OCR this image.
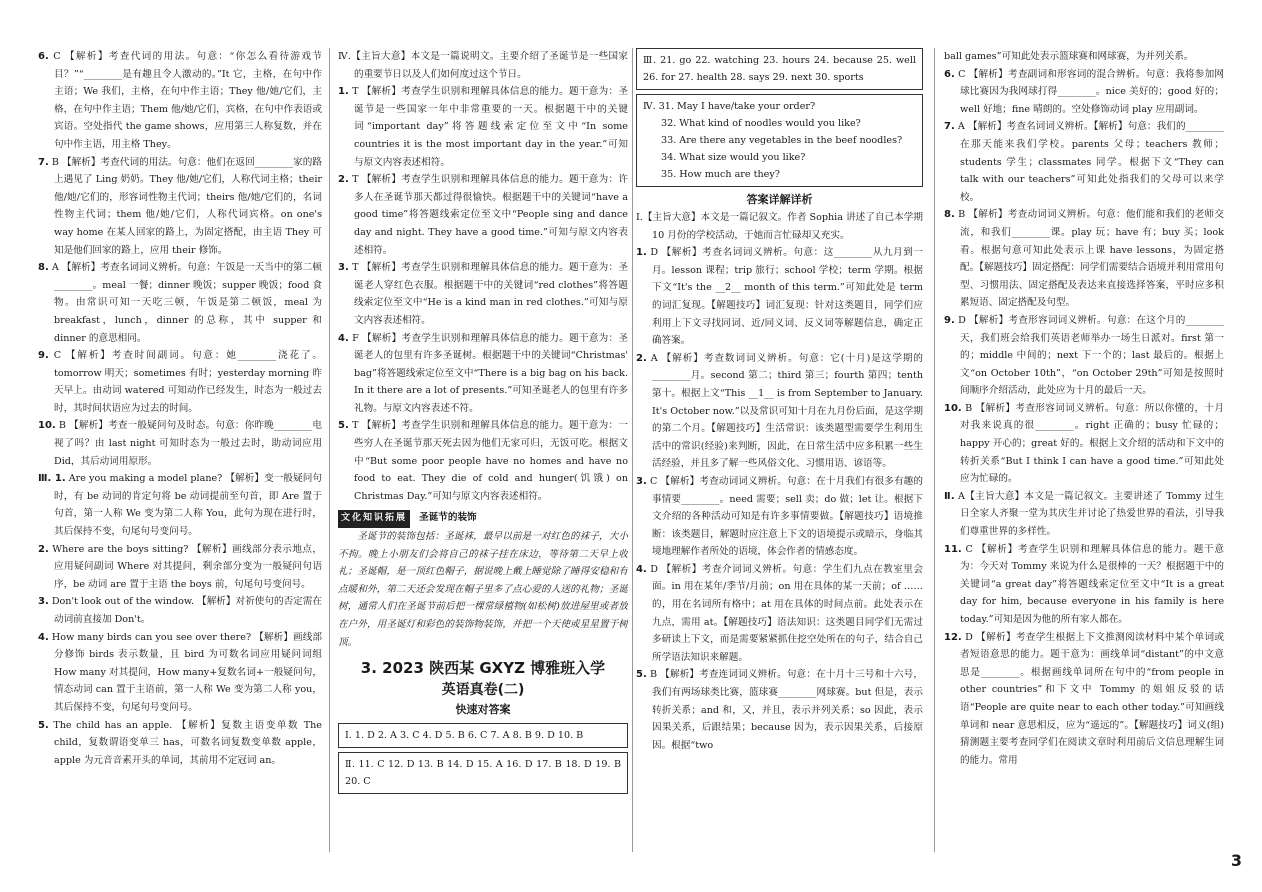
6. C 【解析】考查代词的用法。句意：“你怎么看待游戏节目？”“________是有趣且令人激动的。”It 它，主格，在句中作主语；We 我们，主格，在句中作主语；They 他/她/它们，主格，在句中作主语；Them 他/她/它们，宾格，在句中作表语或宾语。空处指代 the game shows，应用第三人称复数，并在句中作主语，用主格 They。

7. B 【解析】考查代词的用法。句意：他们在返回________家的路上遇见了 Ling 奶奶。They 他/她/它们，人称代词主格；their 他/她/它们的，形容词性物主代词；theirs 他/她/它们的，名词性物主代词；them 他/她/它们，人称代词宾格。on one's way home 在某人回家的路上，为固定搭配，由主语 They 可知是他们回家的路上，应用 their 修饰。

8. A 【解析】考查名词词义辨析。句意：午饭是一天当中的第二顿________。meal 一餐；dinner 晚饭；supper 晚饭；food 食物。由常识可知一天吃三顿，午饭是第二顿饭，meal 为 breakfast，lunch，dinner 的总称，其中 supper 和 dinner 的意思相同。

9. C 【解析】考查时间副词。句意：她________浇花了。tomorrow 明天；sometimes 有时；yesterday morning 昨天早上。由动词 watered 可知动作已经发生，时态为一般过去时，其时间状语应为过去的时间。

10. B 【解析】考查一般疑问句及时态。句意：你昨晚________电视了吗？由 last night 可知时态为一般过去时，助动词应用 Did，其后动词用原形。

Ⅲ. 1. Are you making a model plane? 【解析】变一般疑问句时，有 be 动词的肯定句将 be 动词提前至句首，即 Are 置于句首，第一人称 We 变为第二人称 You，此句为现在进行时，其后保持不变，句尾句号变问号。

2. Where are the boys sitting? 【解析】画线部分表示地点，应用疑问副词 Where 对其提问，剩余部分变为一般疑问句语序，be 动词 are 置于主语 the boys 前，句尾句号变问号。

3. Don't look out of the window. 【解析】对祈使句的否定需在动词前直接加 Don't。

4. How many birds can you see over there? 【解析】画线部分修饰 birds 表示数量，且 bird 为可数名词应用疑问词组 How many 对其提问，How many+复数名词+一般疑问句，情态动词 can 置于主语前，第一人称 We 变为第二人称 you，其后保持不变，句尾句号变问号。

5. The child has an apple. 【解析】复数主语变单数 The child，复数谓语变单三 has，可数名词复数变单数 apple，apple 为元音音素开头的单词，其前用不定冠词 an。

Ⅳ.【主旨大意】本文是一篇说明文。主要介绍了圣诞节是一些国家的重要节日以及人们如何度过这个节日。

1. T 【解析】考查学生识别和理解具体信息的能力。题干意为：圣诞节是一些国家一年中非常重要的一天。根据题干中的关键词“important day”将答题线索定位至文中“In some countries it is the most important day in the year.”可知与原文内容表述相符。

2. T 【解析】考查学生识别和理解具体信息的能力。题干意为：许多人在圣诞节那天都过得很愉快。根据题干中的关键词“have a good time”将答题线索定位至文中“People sing and dance day and night. They have a good time.”可知与原文内容表述相符。

3. T 【解析】考查学生识别和理解具体信息的能力。题干意为：圣诞老人穿红色衣服。根据题干中的关键词“red clothes”将答题线索定位至文中“He is a kind man in red clothes.”可知与原文内容表述相符。

4. F 【解析】考查学生识别和理解具体信息的能力。题干意为：圣诞老人的包里有许多圣诞树。根据题干中的关键词“Christmas' bag”将答题线索定位至文中“There is a big bag on his back. In it there are a lot of presents.”可知圣诞老人的包里有许多礼物。与原文内容表述不符。

5. T 【解析】考查学生识别和理解具体信息的能力。题干意为：一些穷人在圣诞节那天死去因为他们无家可归，无饭可吃。根据文中“But some poor people have no homes and have no food to eat. They die of cold and hunger(饥饿) on Christmas Day.”可知与原文内容表述相符。

文化知识拓展 圣诞节的装饰

圣诞节的装饰包括：圣诞袜，最早以前是一对红色的袜子，大小不拘。晚上小朋友们会将自己的袜子挂在床边，等待第二天早上收礼；圣诞帽，是一顶红色帽子，据说晚上戴上睡觉除了睡得安稳和有点暖和外，第二天还会发现在帽子里多了点心爱的人送的礼物；圣诞树，通常人们在圣诞节前后把一棵常绿植物(如松树)放进屋里或者放在户外，用圣诞灯和彩色的装饰物装饰，并把一个天使或星星置于树顶。

3. 2023 陕西某 GXYZ 博雅班入学
英语真卷(二)
快速对答案
Ⅰ. 1. D 2. A 3. C 4. D 5. B 6. C 7. A 8. B 9. D 10. B
Ⅱ. 11. C 12. D 13. B 14. D 15. A 16. D 17. B 18. D 19. B 20. C

Ⅲ. 21. go 22. watching 23. hours 24. because 25. well 26. for 27. health 28. says 29. next 30. sports

Ⅳ. 31. May I have/take your order?

32. What kind of noodles would you like?

33. Are there any vegetables in the beef noodles?

34. What size would you like?

35. How much are they?

答案详解详析

Ⅰ.【主旨大意】本文是一篇记叙文。作者 Sophia 讲述了自己本学期 10 月份的学校活动，于她而言忙碌却又充实。

1. D 【解析】考查名词词义辨析。句意：这________从九月到一月。lesson 课程；trip 旅行；school 学校；term 学期。根据下文“It's the __2__ month of this term.”可知此处是 term 的词汇复现。【解题技巧】词汇复现：针对这类题目，同学们应利用上下文寻找同词、近/同义词、反义词等解题信息，确定正确答案。

2. A 【解析】考查数词词义辨析。句意：它(十月)是这学期的________月。second 第二；third 第三；fourth 第四；tenth 第十。根据上文“This __1__ is from September to January. It's October now.”以及常识可知十月在九月份后面，是这学期的第二个月。【解题技巧】生活常识：该类题型需要学生利用生活中的常识(经验)来判断，因此，在日常生活中应多积累一些生活经验，并且多了解一些风俗文化、习惯用语、谚语等。

3. C 【解析】考查动词词义辨析。句意：在十月我们有很多有趣的事情要________。need 需要；sell 卖；do 做；let 让。根据下文介绍的各种活动可知是有许多事情要做。【解题技巧】语境推断：该类题目，解题时应注意上下文的语境提示或暗示，身临其境地理解作者所处的语境，体会作者的情感态度。

4. D 【解析】考查介词词义辨析。句意：学生们九点在教室里会面。in 用在某年/季节/月前；on 用在具体的某一天前；of ……的，用在名词所有格中；at 用在具体的时间点前。此处表示在九点，需用 at。【解题技巧】语法知识：这类题目同学们无需过多研读上下文，而是需要紧紧抓住挖空处所在的句子，结合自己所学语法知识来解题。

5. B 【解析】考查连词词义辨析。句意：在十月十三号和十六号，我们有两场球类比赛，篮球赛________网球赛。but 但是，表示转折关系；and 和，又，并且，表示并列关系；so 因此，表示因果关系，后跟结果；because 因为，表示因果关系，后接原因。根据“two

ball games”可知此处表示篮球赛和网球赛，为并列关系。

6. C 【解析】考查副词和形容词的混合辨析。句意：我将参加网球比赛因为我网球打得________。nice 美好的；good 好的；well 好地；fine 晴朗的。空处修饰动词 play 应用副词。

7. A 【解析】考查名词词义辨析。【解析】句意：我们的________在那天能来我们学校。parents 父母；teachers 教师；students 学生；classmates 同学。根据下文“They can talk with our teachers”可知此处指我们的父母可以来学校。

8. B 【解析】考查动词词义辨析。句意：他们能和我们的老师交流，和我们________课。play 玩；have 有；buy 买；look 看。根据句意可知此处表示上课 have lessons，为固定搭配。【解题技巧】固定搭配：同学们需要结合语境并利用常用句型、习惯用法、固定搭配及表达来直接选择答案，平时应多积累短语、固定搭配及句型。

9. D 【解析】考查形容词词义辨析。句意：在这个月的________天，我们班会给我们英语老师举办一场生日派对。first 第一的；middle 中间的；next 下一个的；last 最后的。根据上文“on October 10th”，“on October 29th”可知是按照时间顺序介绍活动，此处应为十月的最后一天。

10. B 【解析】考查形容词词义辨析。句意：所以你懂的，十月对我来说真的很________。right 正确的；busy 忙碌的；happy 开心的；great 好的。根据上文介绍的活动和下文中的转折关系“But I think I can have a good time.”可知此处应为忙碌的。

Ⅱ. A【主旨大意】本文是一篇记叙文。主要讲述了 Tommy 过生日全家人齐聚一堂为其庆生并讨论了热爱世界的看法，引导我们尊重世界的多样性。

11. C 【解析】考查学生识别和理解具体信息的能力。题干意为：今天对 Tommy 来说为什么是很棒的一天？根据题干中的关键词“a great day”将答题线索定位至文中“It is a great day for him, because everyone in his family is here today.”可知是因为他的所有家人都在。

12. D 【解析】考查学生根据上下文推测阅读材料中某个单词或者短语意思的能力。题干意为：画线单词“distant”的中文意思是________。根据画线单词所在句中的“from people in other countries”和下文中 Tommy 的姐姐反驳的话语“People are quite near to each other today.”可知画线单词和 near 意思相反，应为“遥远的”。【解题技巧】词义(组)猜测题主要考查同学们在阅读文章时利用前后文信息理解生词的能力。常用

3
